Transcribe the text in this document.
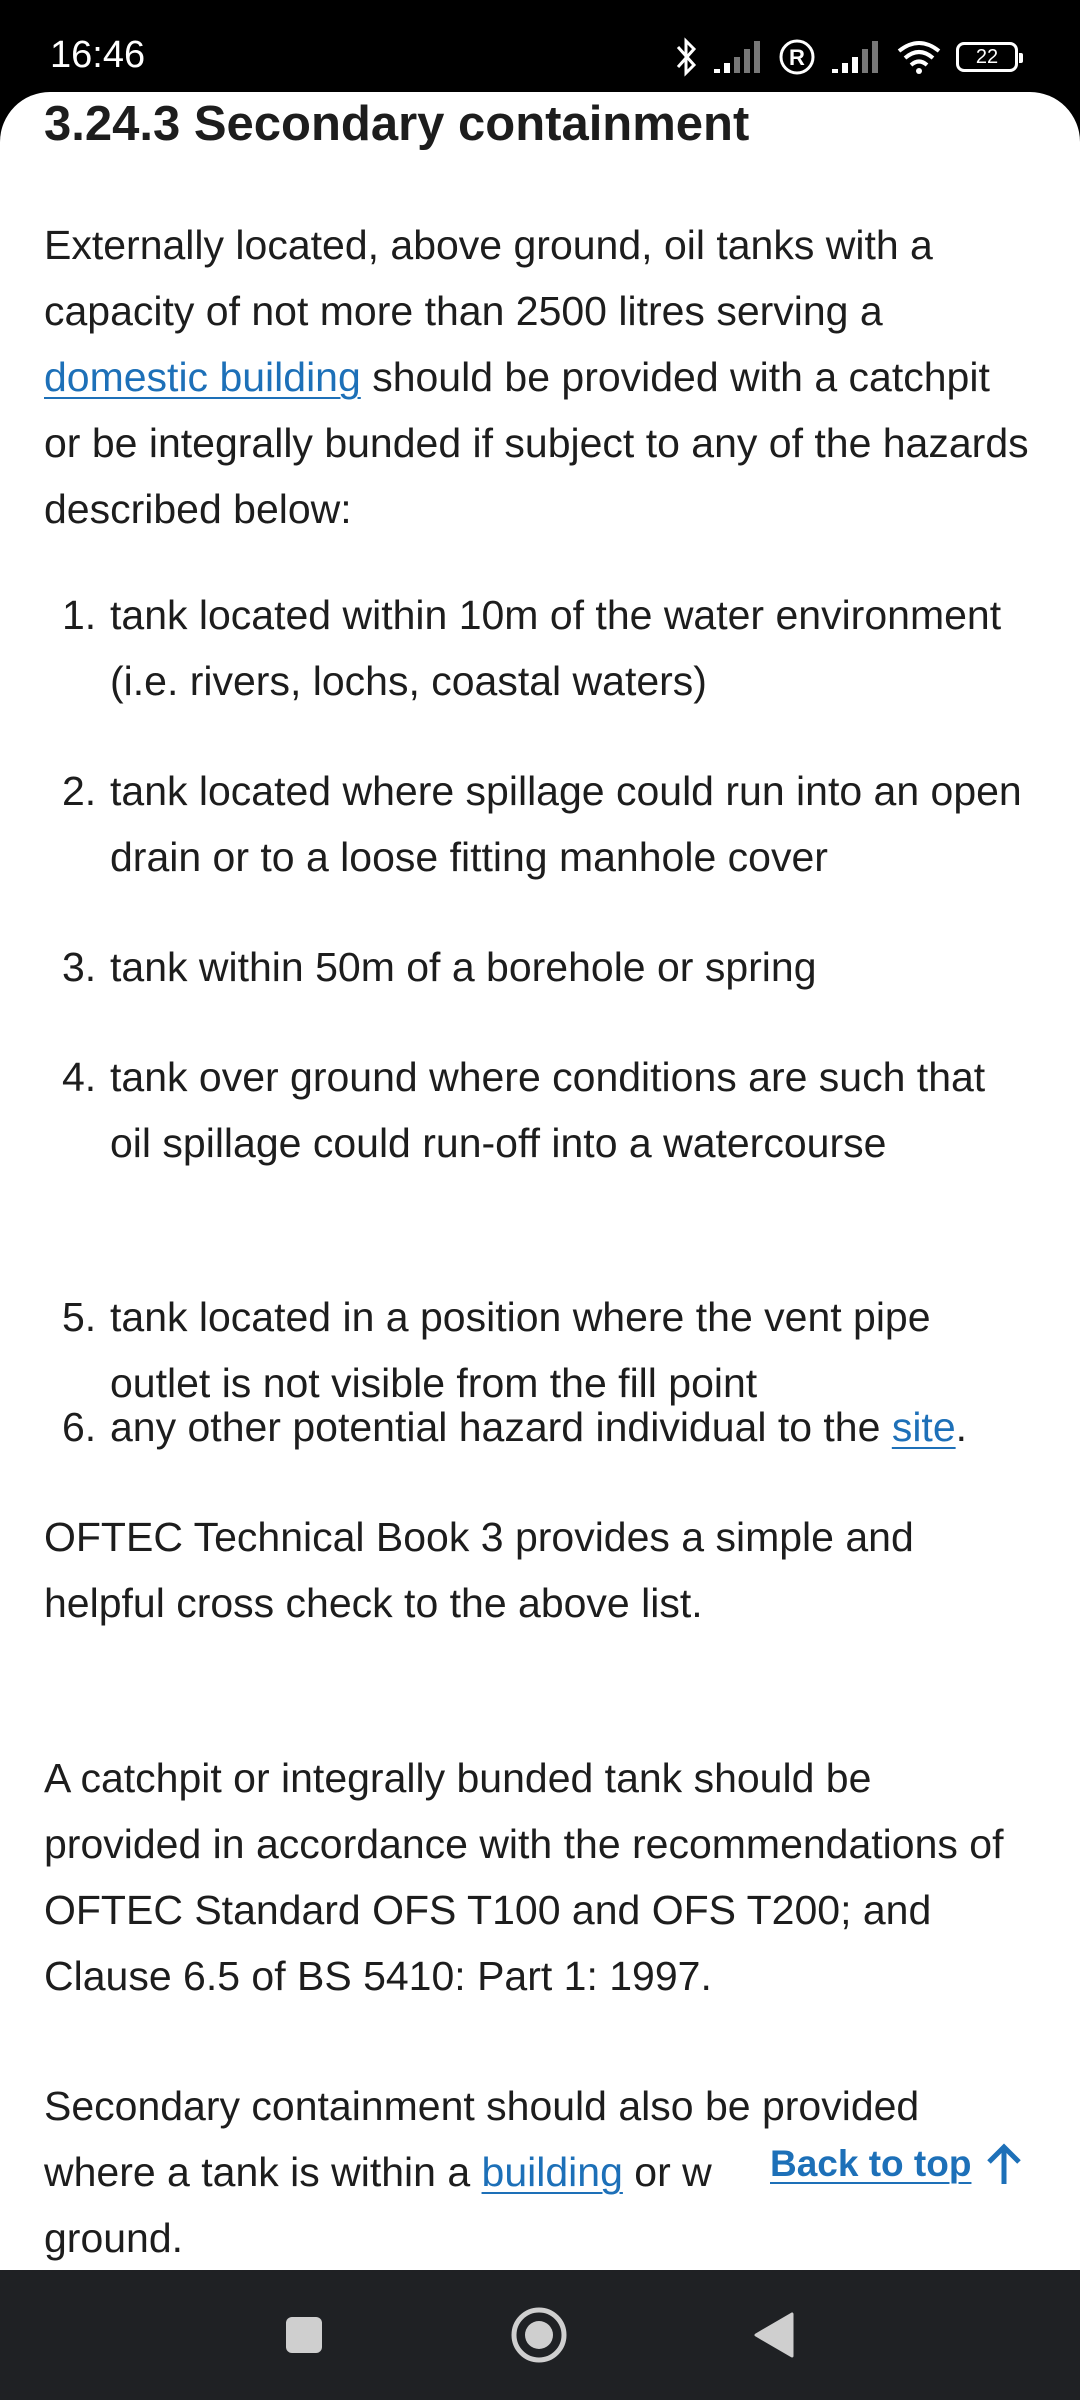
16:46	R	22
3.24.3 Secondary containment

Externally located, above ground, oil tanks with a capacity of not more than 2500 litres serving a domestic building should be provided with a catchpit or be integrally bunded if subject to any of the hazards described below:

1. tank located within 10m of the water environment (i.e. rivers, lochs, coastal waters)
2. tank located where spillage could run into an open drain or to a loose fitting manhole cover
3. tank within 50m of a borehole or spring
4. tank over ground where conditions are such that oil spillage could run-off into a watercourse
5. tank located in a position where the vent pipe outlet is not visible from the fill point
6. any other potential hazard individual to the site.

OFTEC Technical Book 3 provides a simple and helpful cross check to the above list.

A catchpit or integrally bunded tank should be provided in accordance with the recommendations of OFTEC Standard OFS T100 and OFS T200; and Clause 6.5 of BS 5410: Part 1: 1997.

Secondary containment should also be provided where a tank is within a building or w
ground.

Back to top
